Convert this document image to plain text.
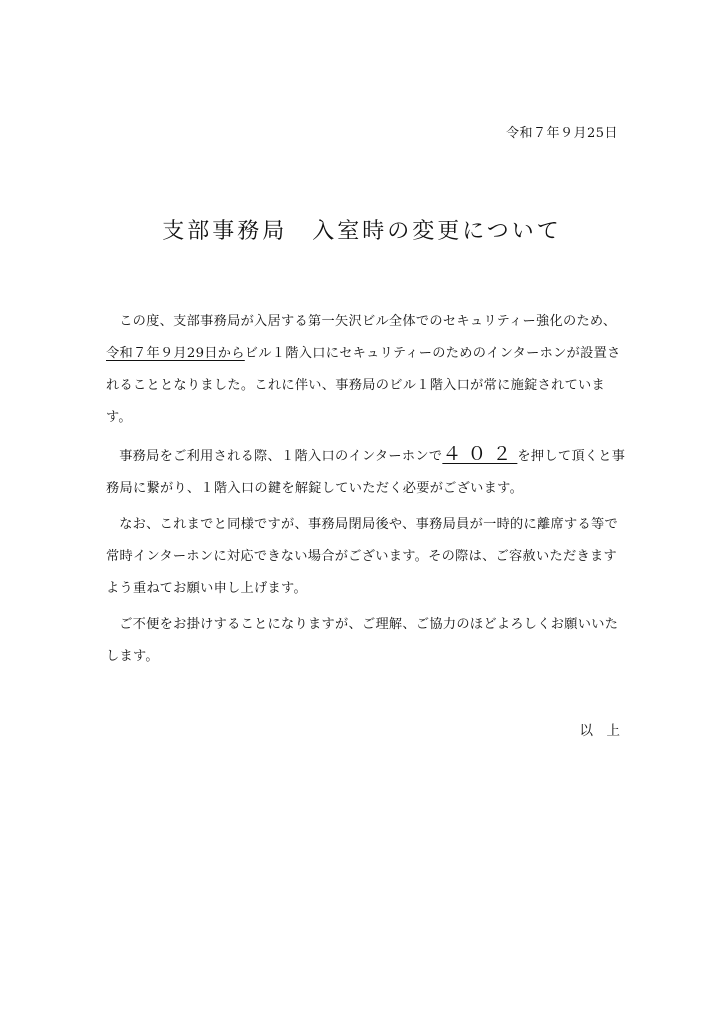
令和７年９月25日
支部事務局　入室時の変更について

この度、支部事務局が入居する第一矢沢ビル全体でのセキュリティー強化のため、令和７年９月29日からビル１階入口にセキュリティーのためのインターホンが設置されることとなりました。これに伴い、事務局のビル１階入口が常に施錠されています。

事務局をご利用される際、１階入口のインターホンで４０２を押して頂くと事務局に繋がり、１階入口の鍵を解錠していただく必要がございます。

なお、これまでと同様ですが、事務局閉局後や、事務局員が一時的に離席する等で常時インターホンに対応できない場合がございます。その際は、ご容赦いただきますよう重ねてお願い申し上げます。

ご不便をお掛けすることになりますが、ご理解、ご協力のほどよろしくお願いいたします。

以　上
